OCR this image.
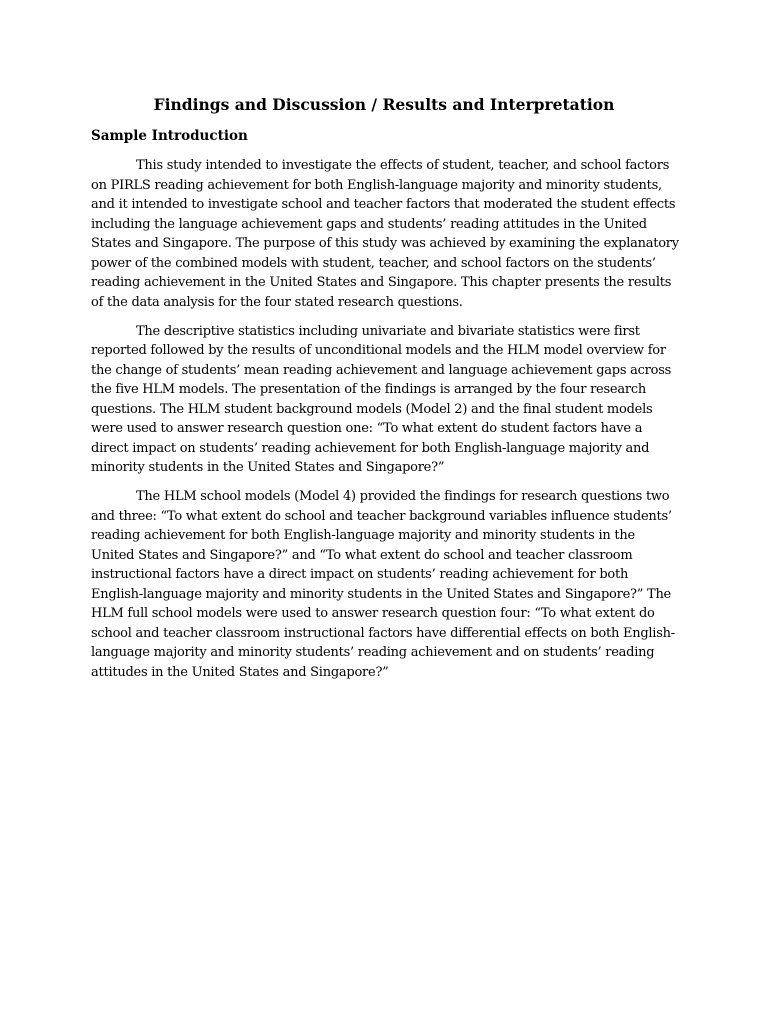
Findings and Discussion / Results and Interpretation
Sample Introduction

This study intended to investigate the effects of student, teacher, and school factors on PIRLS reading achievement for both English-language majority and minority students, and it intended to investigate school and teacher factors that moderated the student effects including the language achievement gaps and students’ reading attitudes in the United States and Singapore. The purpose of this study was achieved by examining the explanatory power of the combined models with student, teacher, and school factors on the students’ reading achievement in the United States and Singapore. This chapter presents the results of the data analysis for the four stated research questions.

The descriptive statistics including univariate and bivariate statistics were first reported followed by the results of unconditional models and the HLM model overview for the change of students’ mean reading achievement and language achievement gaps across the five HLM models. The presentation of the findings is arranged by the four research questions. The HLM student background models (Model 2) and the final student models were used to answer research question one: “To what extent do student factors have a direct impact on students’ reading achievement for both English-language majority and minority students in the United States and Singapore?”

The HLM school models (Model 4) provided the findings for research questions two and three: “To what extent do school and teacher background variables influence students’ reading achievement for both English-language majority and minority students in the United States and Singapore?” and “To what extent do school and teacher classroom instructional factors have a direct impact on students’ reading achievement for both English-language majority and minority students in the United States and Singapore?” The HLM full school models were used to answer research question four: “To what extent do school and teacher classroom instructional factors have differential effects on both English-language majority and minority students’ reading achievement and on students’ reading attitudes in the United States and Singapore?”
